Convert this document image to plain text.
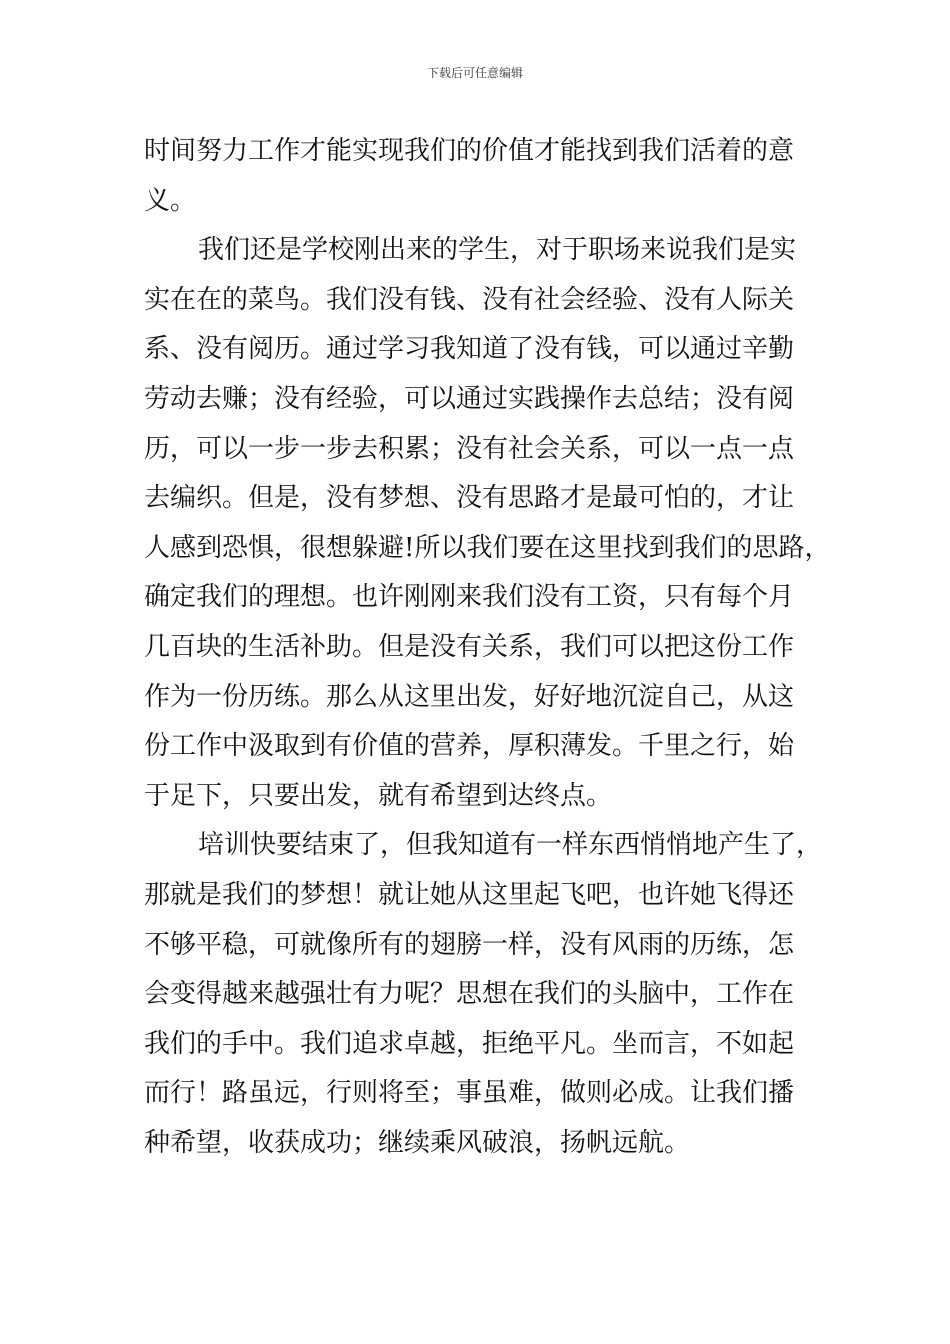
下载后可任意编辑
时间努力工作才能实现我们的价值才能找到我们活着的意
义。
我们还是学校刚出来的学生，对于职场来说我们是实
实在在的菜鸟。我们没有钱、没有社会经验、没有人际关
系、没有阅历。通过学习我知道了没有钱，可以通过辛勤
劳动去赚；没有经验，可以通过实践操作去总结；没有阅
历，可以一步一步去积累；没有社会关系，可以一点一点
去编织。但是，没有梦想、没有思路才是最可怕的，才让
人感到恐惧，很想躲避!所以我们要在这里找到我们的思路，
确定我们的理想。也许刚刚来我们没有工资，只有每个月
几百块的生活补助。但是没有关系，我们可以把这份工作
作为一份历练。那么从这里出发，好好地沉淀自己，从这
份工作中汲取到有价值的营养，厚积薄发。千里之行，始
于足下，只要出发，就有希望到达终点。
培训快要结束了，但我知道有一样东西悄悄地产生了，
那就是我们的梦想！就让她从这里起飞吧，也许她飞得还
不够平稳，可就像所有的翅膀一样，没有风雨的历练，怎
会变得越来越强壮有力呢？思想在我们的头脑中，工作在
我们的手中。我们追求卓越，拒绝平凡。坐而言，不如起
而行！路虽远，行则将至；事虽难，做则必成。让我们播
种希望，收获成功；继续乘风破浪，扬帆远航。
